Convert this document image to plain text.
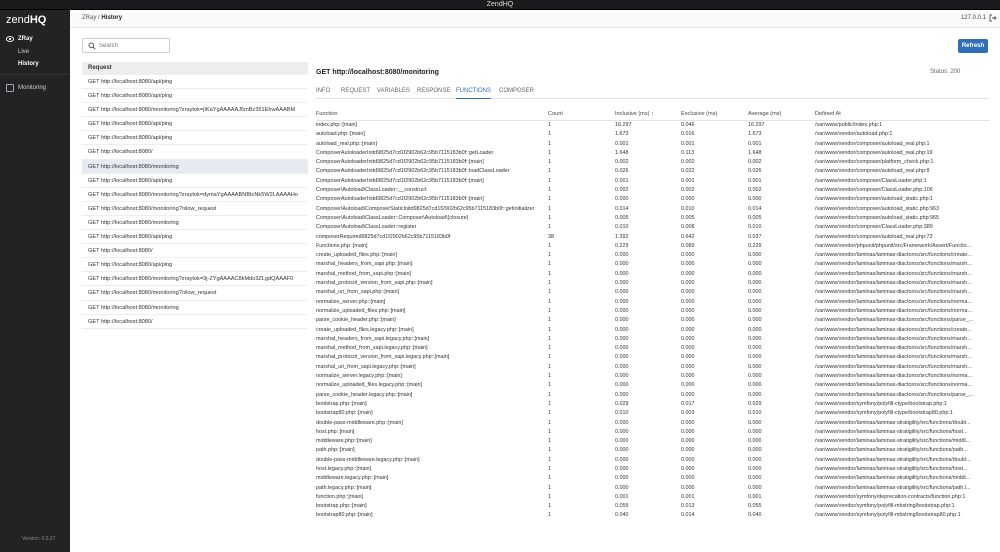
ZendHQ
zendHQ
ZRay
Live
History
Monitoring
Version: 0.0.27
ZRay / History	127.0.0.1
Search
Request
GET http://localhost:8080/api/ping
GET http://localhost:8080/api/ping
GET http://localhost:8080/monitoring?zraytok=jIKaYgAAAAAJ5mBz351EhwAAABM
GET http://localhost:8080/api/ping
GET http://localhost:8080/api/ping
GET http://localhost:8080/
GET http://localhost:8080/monitoring
GET http://localhost:8080/api/ping
GET http://localhost:8080/monitoring?zraytok=dymaYgAAAABNBtcNk5W2LAAAAHo
GET http://localhost:8080/monitoring?/slow_request
GET http://localhost:8080/monitoring
GET http://localhost:8080/api/ping
GET http://localhost:8080/
GET http://localhost:8080/api/ping
GET http://localhost:8080/monitoring?zraytok=9j-ZYgAAAAC8kMdo3ZLgdQAAAF0
GET http://localhost:8080/monitoring?/slow_request
GET http://localhost:8080/monitoring
GET http://localhost:8080/
Refresh
GET http://localhost:8080/monitoring	Status: 200
INFO REQUEST VARIABLES RESPONSE FUNCTIONS COMPOSER
Function	Count	Inclusive (ms) ↑	Exclusive (ms)	Average (ms)	Defined At
index.php::[main]	1	16.297	0.046	16.297	/var/www/public/index.php:1
autoload.php::[main]	1	1.673	0.016	1.673	/var/www/vendor/autoload.php:1
autoload_real.php::[main]	1	0.001	0.001	0.001	/var/www/vendor/composer/autoload_real.php:1
ComposerAutoloaderInitd9825d7cd1f2902b62c95b7115183b0f::getLoader	1	1.648	0.113	1.648	/var/www/vendor/composer/autoload_real.php:19
ComposerAutoloaderInitd9825d7cd1f2902b62c95b7115183b0f::[main]	1	0.002	0.002	0.002	/var/www/vendor/composer/platform_check.php:1
ComposerAutoloaderInitd9825d7cd1f2902b62c95b7115183b0f::loadClassLoader	1	0.026	0.022	0.026	/var/www/vendor/composer/autoload_real.php:9
ComposerAutoloaderInitd9825d7cd1f2902b62c95b7115183b0f::[main]	1	0.001	0.001	0.001	/var/www/vendor/composer/ClassLoader.php:1
Composer\Autoload\ClassLoader::__construct	1	0.002	0.002	0.002	/var/www/vendor/composer/ClassLoader.php:106
ComposerAutoloaderInitd9825d7cd1f2902b62c95b7115183b0f::[main]	1	0.000	0.000	0.000	/var/www/vendor/composer/autoload_static.php:1
Composer\Autoload\ComposerStaticInitd9825d7cd1f2902b62c95b7115183b0f::getInitializer	1	0.014	0.010	0.014	/var/www/vendor/composer/autoload_static.php:963
Composer\Autoload\ClassLoader::Composer\Autoload\{closure}	1	0.005	0.005	0.005	/var/www/vendor/composer/autoload_static.php:965
Composer\Autoload\ClassLoader::register	1	0.010	0.008	0.010	/var/www/vendor/composer/ClassLoader.php:389
composerRequired9825d7cd1f2902b62c95b7115183b0f	38	1.392	0.642	0.037	/var/www/vendor/composer/autoload_real.php:73
Functions.php::[main]	1	0.229	0.089	0.229	/var/www/vendor/phpunit/phpunit/src/Framework/Assert/Functio...
create_uploaded_files.php::[main]	1	0.000	0.000	0.000	/var/www/vendor/laminas/laminas-diactoros/src/functions/create...
marshal_headers_from_sapi.php::[main]	1	0.000	0.000	0.000	/var/www/vendor/laminas/laminas-diactoros/src/functions/marsh...
marshal_method_from_sapi.php::[main]	1	0.000	0.000	0.000	/var/www/vendor/laminas/laminas-diactoros/src/functions/marsh...
marshal_protocol_version_from_sapi.php::[main]	1	0.000	0.000	0.000	/var/www/vendor/laminas/laminas-diactoros/src/functions/marsh...
marshal_uri_from_sapi.php::[main]	1	0.000	0.000	0.000	/var/www/vendor/laminas/laminas-diactoros/src/functions/marsh...
normalize_server.php::[main]	1	0.000	0.000	0.000	/var/www/vendor/laminas/laminas-diactoros/src/functions/norma...
normalize_uploaded_files.php::[main]	1	0.000	0.000	0.000	/var/www/vendor/laminas/laminas-diactoros/src/functions/norma...
parse_cookie_header.php::[main]	1	0.000	0.000	0.000	/var/www/vendor/laminas/laminas-diactoros/src/functions/parse_...
create_uploaded_files.legacy.php::[main]	1	0.000	0.000	0.000	/var/www/vendor/laminas/laminas-diactoros/src/functions/create...
marshal_headers_from_sapi.legacy.php::[main]	1	0.000	0.000	0.000	/var/www/vendor/laminas/laminas-diactoros/src/functions/marsh...
marshal_method_from_sapi.legacy.php::[main]	1	0.000	0.000	0.000	/var/www/vendor/laminas/laminas-diactoros/src/functions/marsh...
marshal_protocol_version_from_sapi.legacy.php::[main]	1	0.000	0.000	0.000	/var/www/vendor/laminas/laminas-diactoros/src/functions/marsh...
marshal_uri_from_sapi.legacy.php::[main]	1	0.000	0.000	0.000	/var/www/vendor/laminas/laminas-diactoros/src/functions/marsh...
normalize_server.legacy.php::[main]	1	0.000	0.000	0.000	/var/www/vendor/laminas/laminas-diactoros/src/functions/norma...
normalize_uploaded_files.legacy.php::[main]	1	0.000	0.000	0.000	/var/www/vendor/laminas/laminas-diactoros/src/functions/norma...
parse_cookie_header.legacy.php::[main]	1	0.000	0.000	0.000	/var/www/vendor/laminas/laminas-diactoros/src/functions/parse_...
bootstrap.php::[main]	1	0.029	0.017	0.029	/var/www/vendor/symfony/polyfill-ctype/bootstrap.php:1
bootstrap80.php::[main]	1	0.010	0.003	0.010	/var/www/vendor/symfony/polyfill-ctype/bootstrap80.php:1
double-pass-middleware.php::[main]	1	0.000	0.000	0.000	/var/www/vendor/laminas/laminas-stratigility/src/functions/doubl...
host.php::[main]	1	0.000	0.000	0.000	/var/www/vendor/laminas/laminas-stratigility/src/functions/host...
middleware.php::[main]	1	0.000	0.000	0.000	/var/www/vendor/laminas/laminas-stratigility/src/functions/middl...
path.php::[main]	1	0.000	0.000	0.000	/var/www/vendor/laminas/laminas-stratigility/src/functions/path...
double-pass-middleware.legacy.php::[main]	1	0.000	0.000	0.000	/var/www/vendor/laminas/laminas-stratigility/src/functions/doubl...
host.legacy.php::[main]	1	0.000	0.000	0.000	/var/www/vendor/laminas/laminas-stratigility/src/functions/host...
middleware.legacy.php::[main]	1	0.000	0.000	0.000	/var/www/vendor/laminas/laminas-stratigility/src/functions/middl...
path.legacy.php::[main]	1	0.000	0.000	0.000	/var/www/vendor/laminas/laminas-stratigility/src/functions/path.l...
function.php::[main]	1	0.001	0.001	0.001	/var/www/vendor/symfony/deprecation-contracts/function.php:1
bootstrap.php::[main]	1	0.055	0.013	0.055	/var/www/vendor/symfony/polyfill-mbstring/bootstrap.php:1
bootstrap80.php::[main]	1	0.040	0.014	0.040	/var/www/vendor/symfony/polyfill-mbstring/bootstrap80.php:1
